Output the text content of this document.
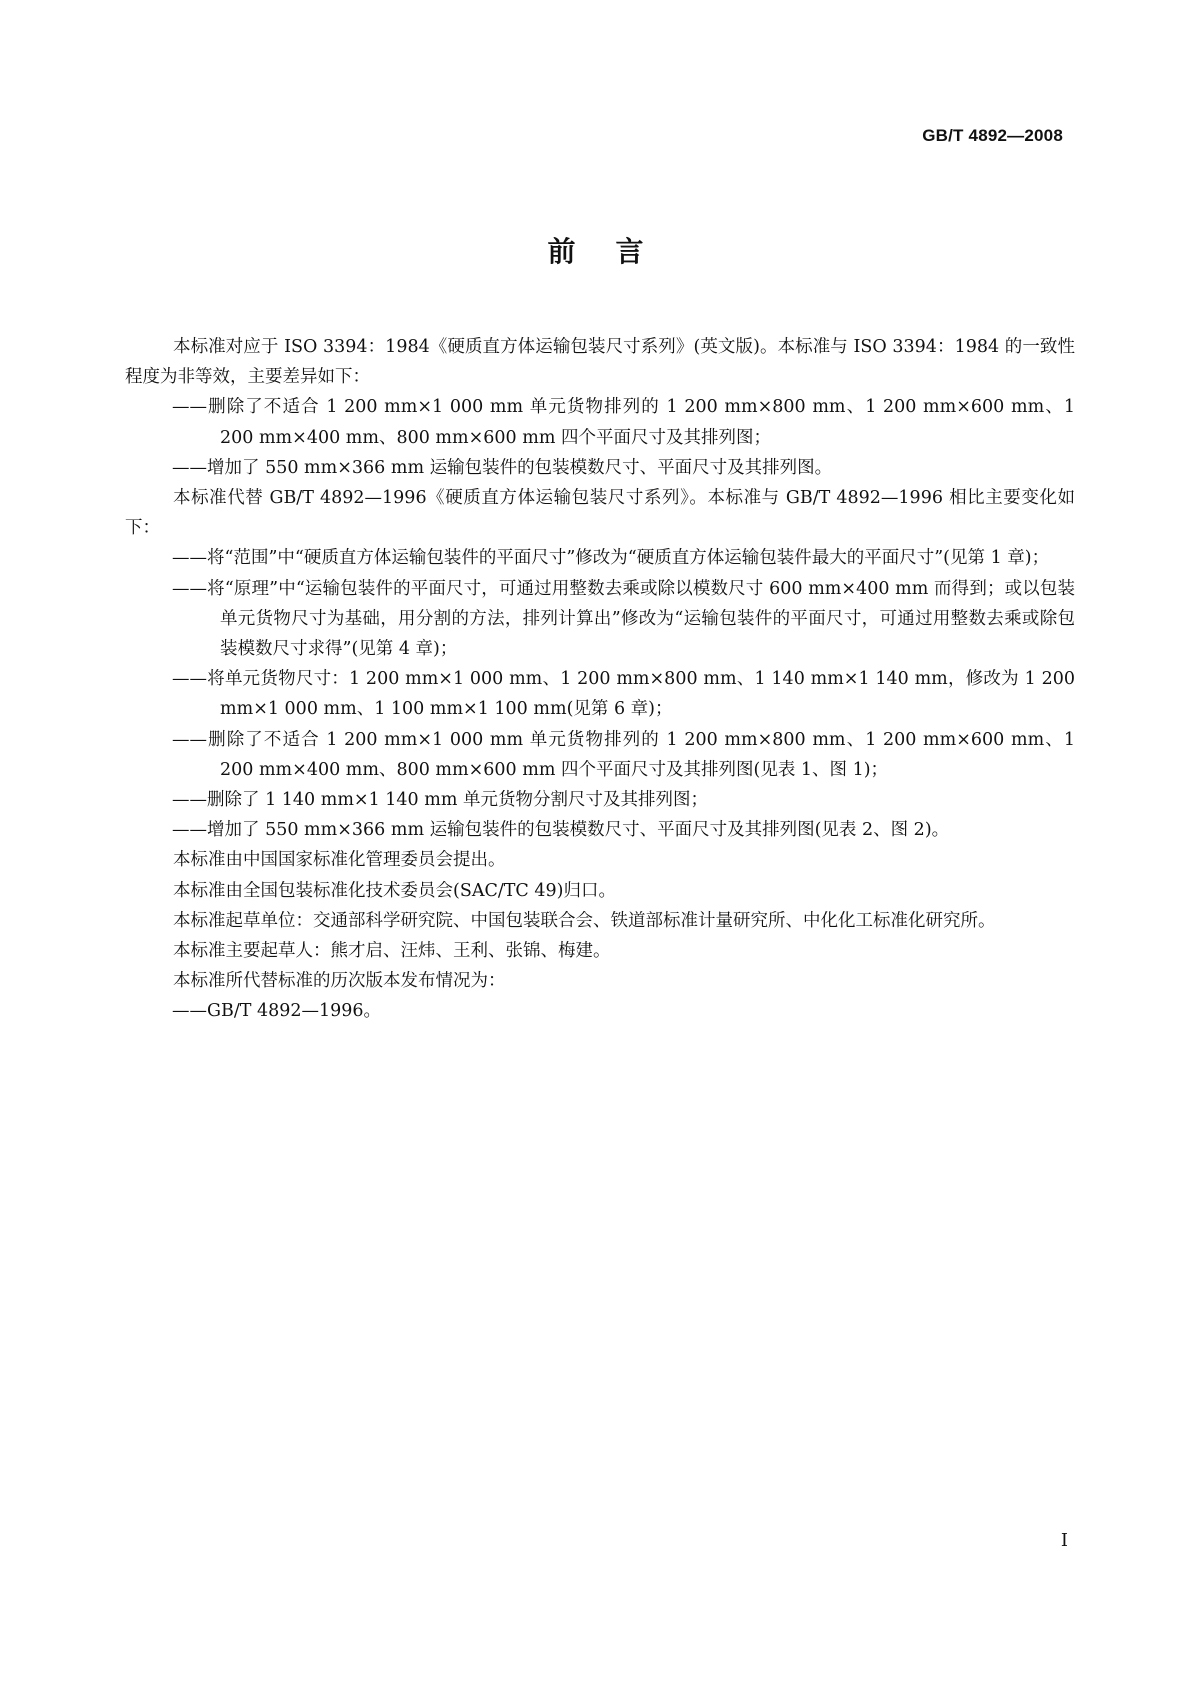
GB/T 4892—2008
前言

本标准对应于 ISO 3394：1984《硬质直方体运输包装尺寸系列》(英文版)。本标准与 ISO 3394：1984 的一致性程度为非等效，主要差异如下：

——删除了不适合 1 200 mm×1 000 mm 单元货物排列的 1 200 mm×800 mm、1 200 mm×600 mm、1 200 mm×400 mm、800 mm×600 mm 四个平面尺寸及其排列图；

——增加了 550 mm×366 mm 运输包装件的包装模数尺寸、平面尺寸及其排列图。

本标准代替 GB/T 4892—1996《硬质直方体运输包装尺寸系列》。本标准与 GB/T 4892—1996 相比主要变化如下：

——将“范围”中“硬质直方体运输包装件的平面尺寸”修改为“硬质直方体运输包装件最大的平面尺寸”(见第 1 章)；

——将“原理”中“运输包装件的平面尺寸，可通过用整数去乘或除以模数尺寸 600 mm×400 mm 而得到；或以包装单元货物尺寸为基础，用分割的方法，排列计算出”修改为“运输包装件的平面尺寸，可通过用整数去乘或除包装模数尺寸求得”(见第 4 章)；

——将单元货物尺寸：1 200 mm×1 000 mm、1 200 mm×800 mm、1 140 mm×1 140 mm，修改为 1 200 mm×1 000 mm、1 100 mm×1 100 mm(见第 6 章)；

——删除了不适合 1 200 mm×1 000 mm 单元货物排列的 1 200 mm×800 mm、1 200 mm×600 mm、1 200 mm×400 mm、800 mm×600 mm 四个平面尺寸及其排列图(见表 1、图 1)；

——删除了 1 140 mm×1 140 mm 单元货物分割尺寸及其排列图；

——增加了 550 mm×366 mm 运输包装件的包装模数尺寸、平面尺寸及其排列图(见表 2、图 2)。

本标准由中国国家标准化管理委员会提出。

本标准由全国包装标准化技术委员会(SAC/TC 49)归口。

本标准起草单位：交通部科学研究院、中国包装联合会、铁道部标准计量研究所、中化化工标准化研究所。

本标准主要起草人：熊才启、汪炜、王利、张锦、梅建。

本标准所代替标准的历次版本发布情况为：

——GB/T 4892—1996。

I
